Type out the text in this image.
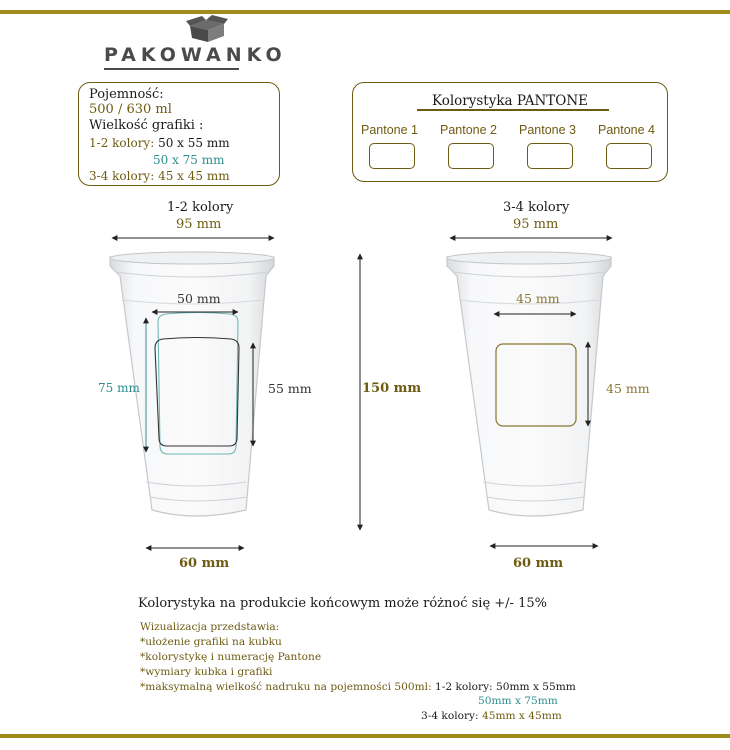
PAKOWANKO
Pojemność:
500 / 630 ml
Wielkość grafiki :
1-2 kolory: 50 x 55 mm
50 x 75 mm
3-4 kolory: 45 x 45 mm
Kolorystyka PANTONE
Pantone 1 Pantone 2 Pantone 3 Pantone 4
1-2 kolory
95 mm
3-4 kolory
95 mm
50 mm
75 mm	55 mm	150 mm
45 mm
45 mm
60 mm	60 mm
Kolorystyka na produkcie końcowym może różnoć się +/- 15%
Wizualizacja przedstawia:
*ułożenie grafiki na kubku
*kolorystykę i numerację Pantone
*wymiary kubka i grafiki
*maksymalną wielkość nadruku na pojemności 500ml: 1-2 kolory: 50mm x 55mm
50mm x 75mm
3-4 kolory: 45mm x 45mm
